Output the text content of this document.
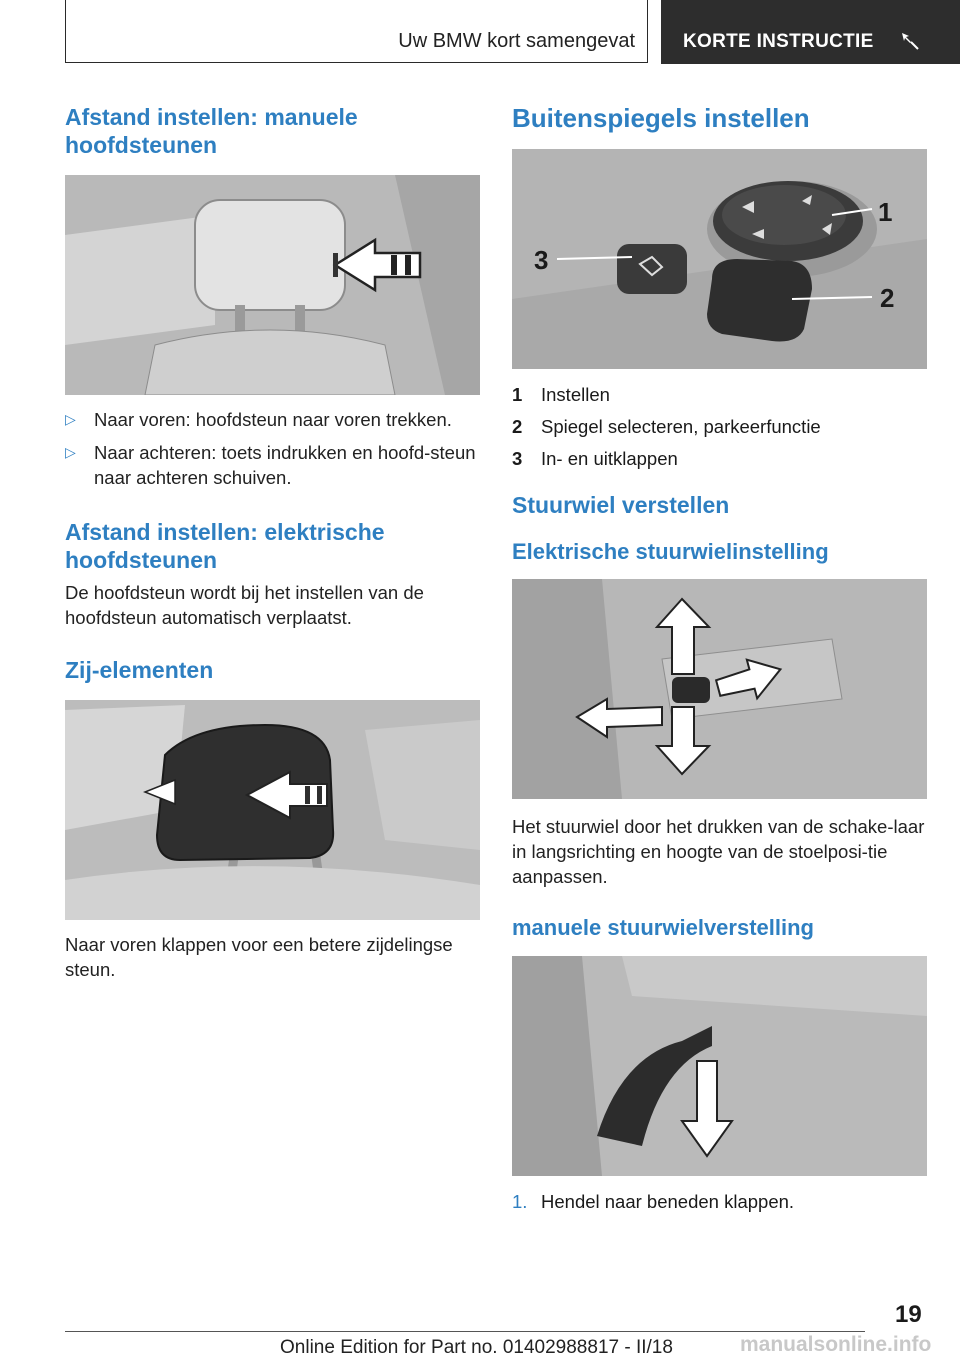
Uw BMW kort samengevat	KORTE INSTRUCTIE
Afstand instellen: manuele hoofdsteunen
▷ Naar voren: hoofdsteun naar voren trekken.
▷ Naar achteren: toets indrukken en hoofd‐steun naar achteren schuiven.
Afstand instellen: elektrische hoofdsteunen

De hoofdsteun wordt bij het instellen van de hoofdsteun automatisch verplaatst.

Zij-elementen

Naar voren klappen voor een betere zijdelingse steun.

Buitenspiegels instellen
1
2
3
1	Instellen
2	Spiegel selecteren, parkeerfunctie
3	In- en uitklappen
Stuurwiel verstellen
Elektrische stuurwielinstelling

Het stuurwiel door het drukken van de schake‐laar in langsrichting en hoogte van de stoelposi‐tie aanpassen.

manuele stuurwielverstelling
1. Hendel naar beneden klappen.
19
Online Edition for Part no. 01402988817 - II/18	manualsonline.info
